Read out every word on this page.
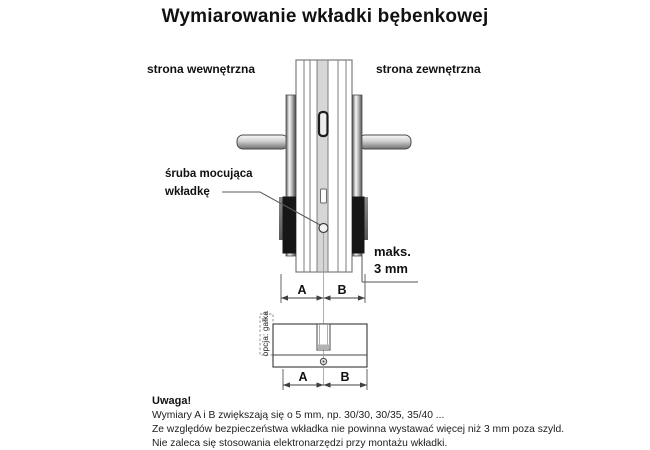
Wymiarowanie wkładki bębenkowej
strona wewnętrzna	strona zewnętrzna
śruba mocująca
wkładkę
maks.
3 mm
A B
A	B
opcja: gałka
Uwaga!
Wymiary A i B zwiększają się o 5 mm, np. 30/30, 30/35, 35/40 ...
Ze względów bezpieczeństwa wkładka nie powinna wystawać więcej niż 3 mm poza szyld.
Nie zaleca się stosowania elektronarzędzi przy montażu wkładki.
